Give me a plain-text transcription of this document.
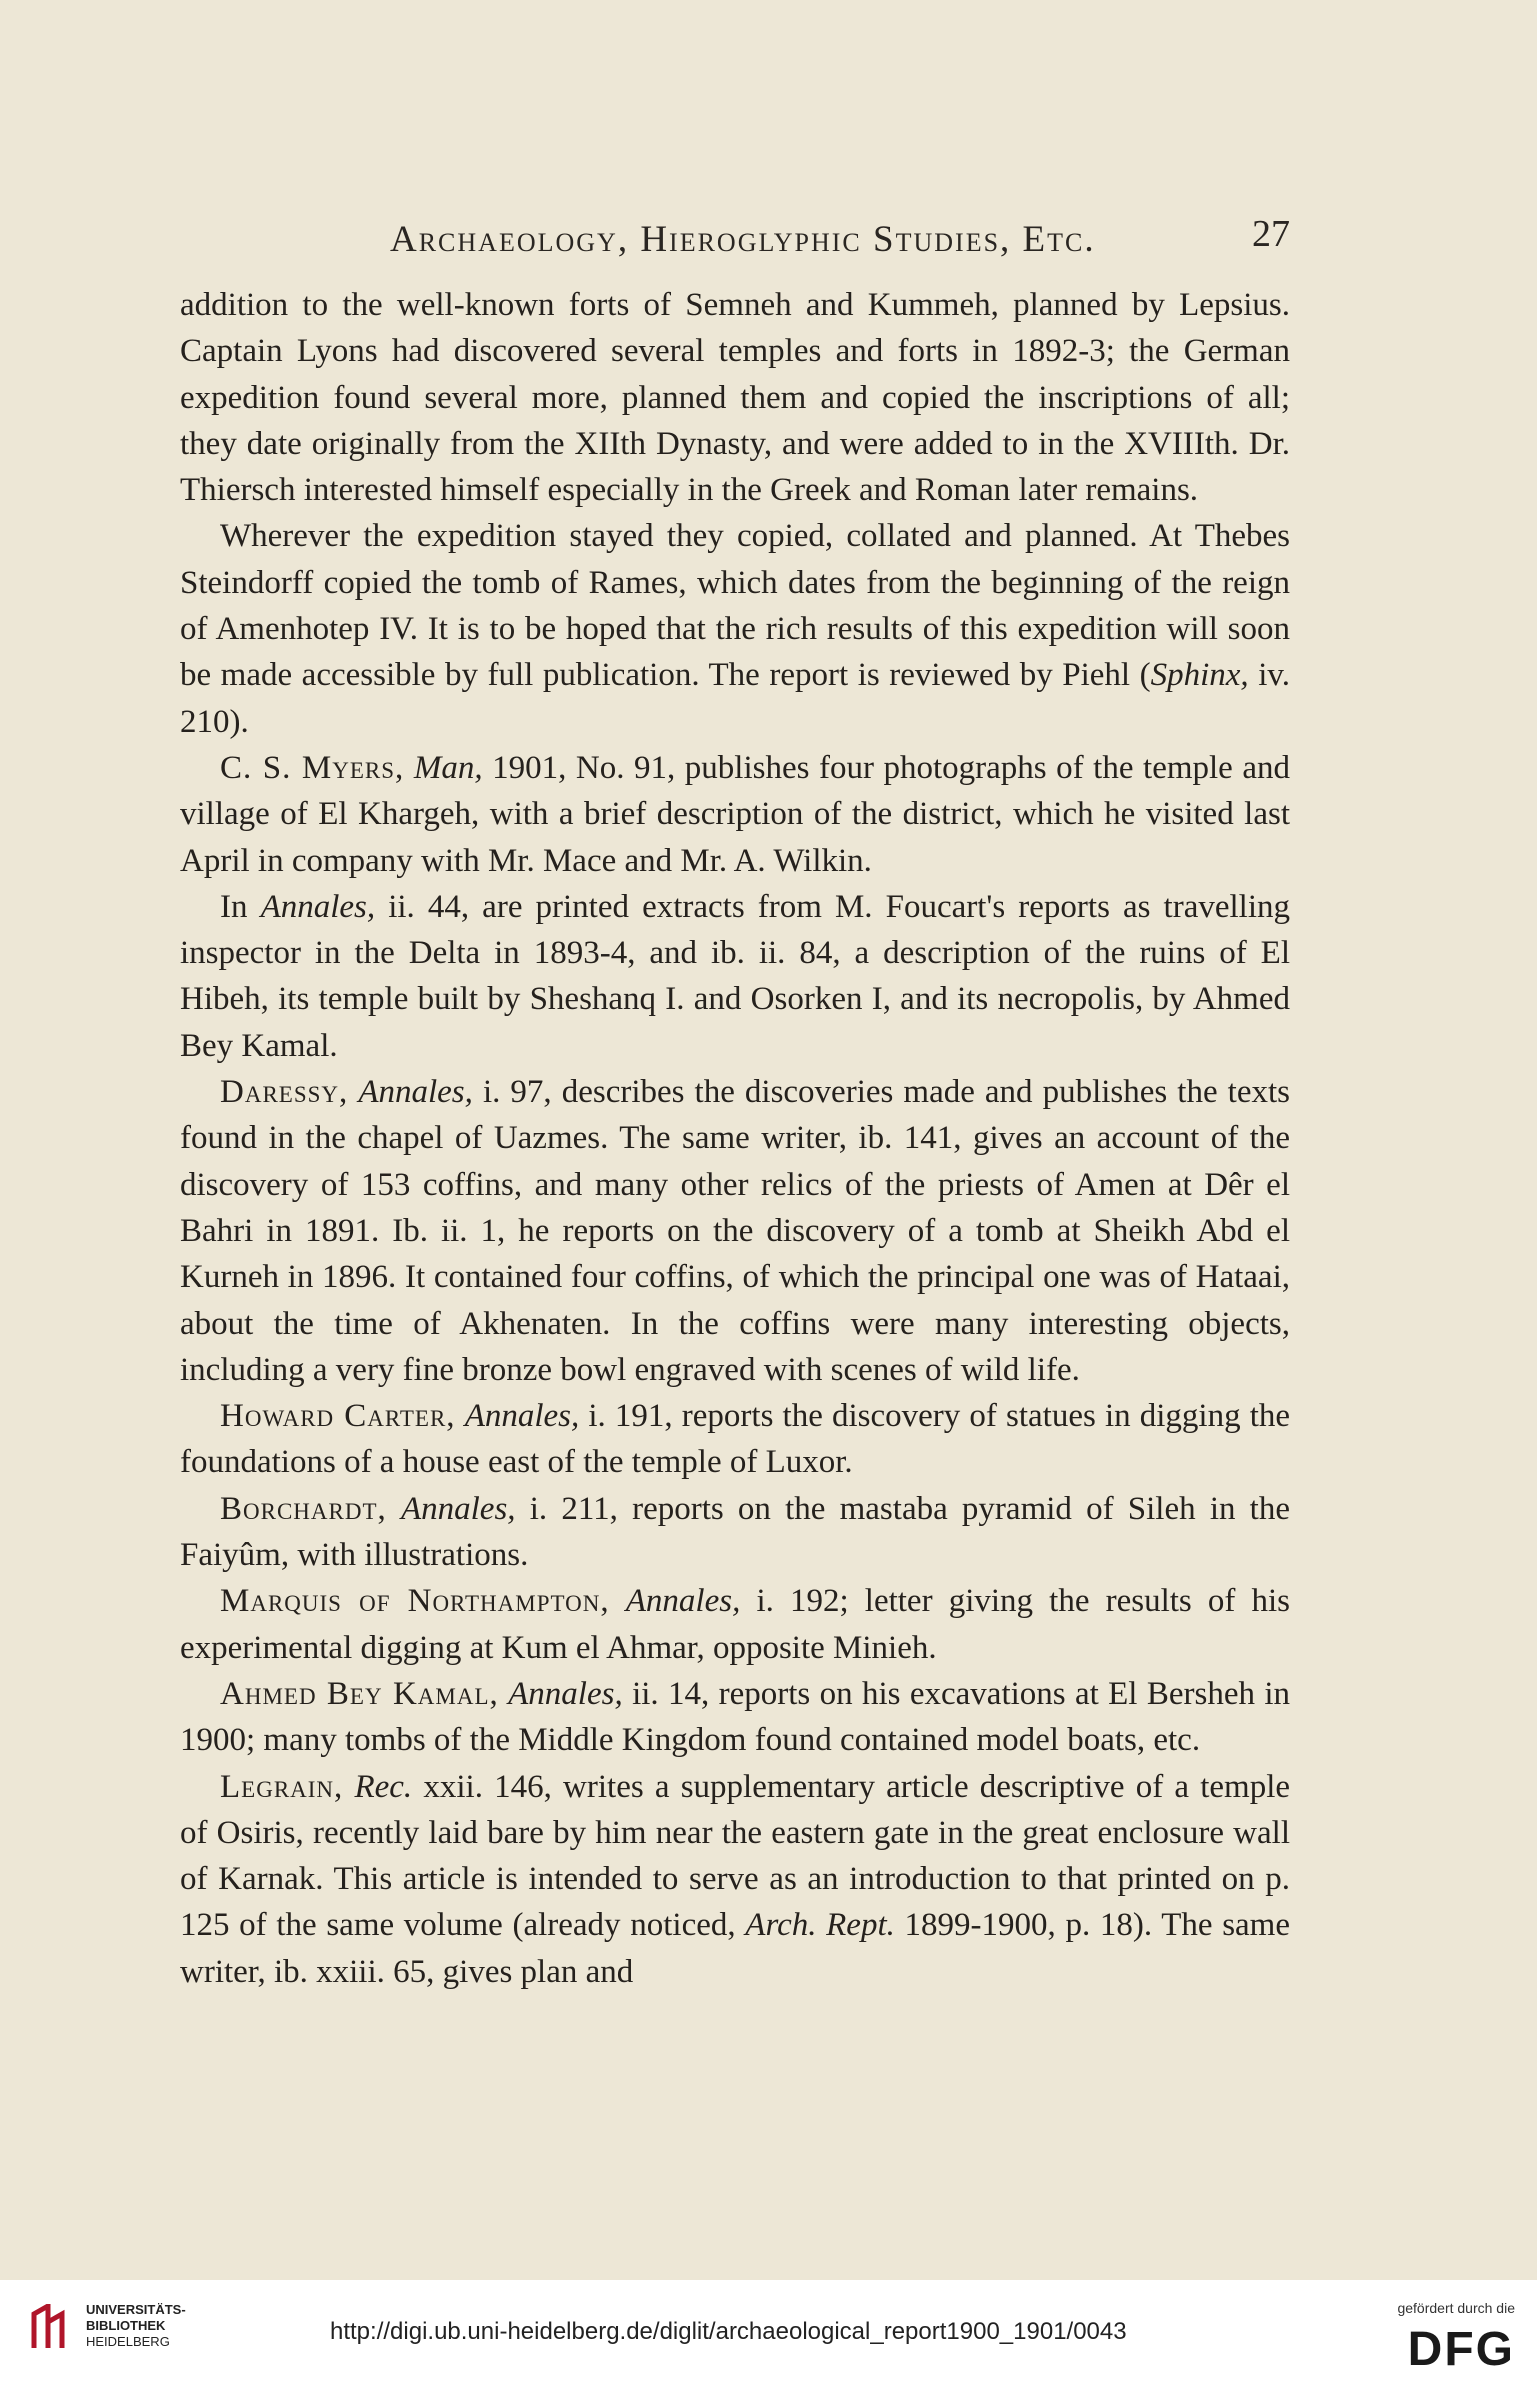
Archaeology, Hieroglyphic Studies, Etc.	27

addition to the well-known forts of Semneh and Kummeh, planned by Lepsius. Captain Lyons had discovered several temples and forts in 1892-3; the German expedition found several more, planned them and copied the inscriptions of all; they date originally from the XIIth Dynasty, and were added to in the XVIIIth. Dr. Thiersch interested himself especially in the Greek and Roman later remains.

Wherever the expedition stayed they copied, collated and planned. At Thebes Steindorff copied the tomb of Rames, which dates from the beginning of the reign of Amenhotep IV. It is to be hoped that the rich results of this expedition will soon be made accessible by full publication. The report is reviewed by Piehl (Sphinx, iv. 210).

C. S. Myers, Man, 1901, No. 91, publishes four photographs of the temple and village of El Khargeh, with a brief description of the district, which he visited last April in company with Mr. Mace and Mr. A. Wilkin.

In Annales, ii. 44, are printed extracts from M. Foucart's reports as travelling inspector in the Delta in 1893-4, and ib. ii. 84, a description of the ruins of El Hibeh, its temple built by Sheshanq I. and Osorken I, and its necropolis, by Ahmed Bey Kamal.

Daressy, Annales, i. 97, describes the discoveries made and publishes the texts found in the chapel of Uazmes. The same writer, ib. 141, gives an account of the discovery of 153 coffins, and many other relics of the priests of Amen at Dêr el Bahri in 1891. Ib. ii. 1, he reports on the discovery of a tomb at Sheikh Abd el Kurneh in 1896. It contained four coffins, of which the principal one was of Hataai, about the time of Akhenaten. In the coffins were many interesting objects, including a very fine bronze bowl engraved with scenes of wild life.

Howard Carter, Annales, i. 191, reports the discovery of statues in digging the foundations of a house east of the temple of Luxor.

Borchardt, Annales, i. 211, reports on the mastaba pyramid of Sileh in the Faiyûm, with illustrations.

Marquis of Northampton, Annales, i. 192; letter giving the results of his experimental digging at Kum el Ahmar, opposite Minieh.

Ahmed Bey Kamal, Annales, ii. 14, reports on his excavations at El Bersheh in 1900; many tombs of the Middle Kingdom found contained model boats, etc.

Legrain, Rec. xxii. 146, writes a supplementary article descriptive of a temple of Osiris, recently laid bare by him near the eastern gate in the great enclosure wall of Karnak. This article is intended to serve as an introduction to that printed on p. 125 of the same volume (already noticed, Arch. Rept. 1899-1900, p. 18). The same writer, ib. xxiii. 65, gives plan and

UNIVERSITÄTS-
BIBLIOTHEK
HEIDELBERG	http://digi.ub.uni-heidelberg.de/diglit/archaeological_report1900_1901/0043
gefördert durch die
DFG
